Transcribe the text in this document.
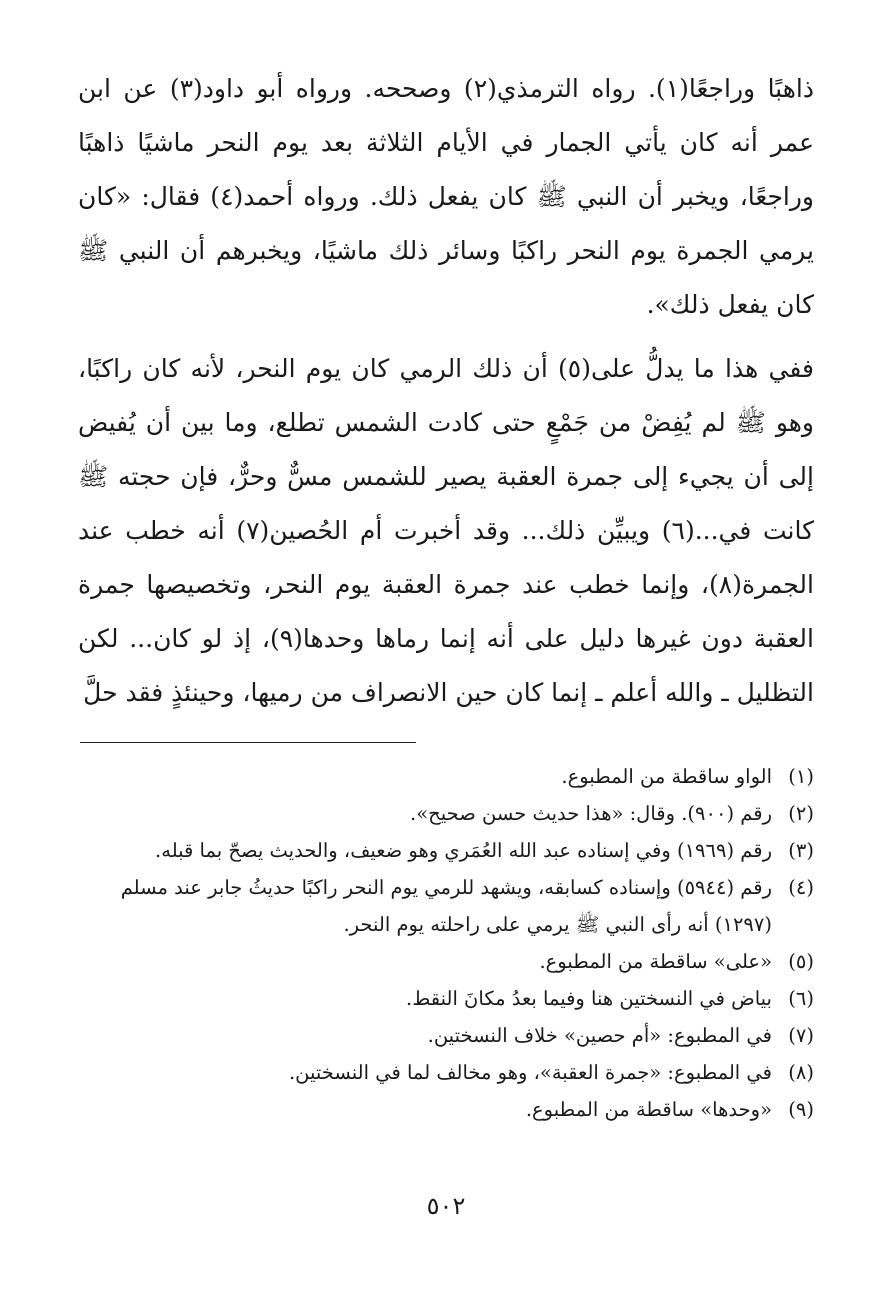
ذاهبًا وراجعًا(١). رواه الترمذي(٢) وصححه. ورواه أبو داود(٣) عن ابن عمر أنه كان يأتي الجمار في الأيام الثلاثة بعد يوم النحر ماشيًا ذاهبًا وراجعًا، ويخبر أن النبي ﷺ كان يفعل ذلك. ورواه أحمد(٤) فقال: «كان يرمي الجمرة يوم النحر راكبًا وسائر ذلك ماشيًا، ويخبرهم أن النبي ﷺ كان يفعل ذلك».

ففي هذا ما يدلُّ على(٥) أن ذلك الرمي كان يوم النحر، لأنه كان راكبًا، وهو ﷺ لم يُفِضْ من جَمْعٍ حتى كادت الشمس تطلع، وما بين أن يُفيض إلى أن يجيء إلى جمرة العقبة يصير للشمس مسٌّ وحرٌّ، فإن حجته ﷺ كانت في...(٦) ويبيِّن ذلك... وقد أخبرت أم الحُصين(٧) أنه خطب عند الجمرة(٨)، وإنما خطب عند جمرة العقبة يوم النحر، وتخصيصها جمرة العقبة دون غيرها دليل على أنه إنما رماها وحدها(٩)، إذ لو كان... لكن التظليل ـ والله أعلم ـ إنما كان حين الانصراف من رميها، وحينئذٍ فقد حلَّ

(١)
الواو ساقطة من المطبوع.
(٢)
رقم (٩٠٠). وقال: «هذا حديث حسن صحيح».
(٣)
رقم (١٩٦٩) وفي إسناده عبد الله العُمَري وهو ضعيف، والحديث يصحّ بما قبله.
(٤)
رقم (٥٩٤٤) وإسناده كسابقه، ويشهد للرمي يوم النحر راكبًا حديثُ جابر عند مسلم (١٢٩٧) أنه رأى النبي ﷺ يرمي على راحلته يوم النحر.
(٥)
«على» ساقطة من المطبوع.
(٦)
بياض في النسختين هنا وفيما بعدُ مكانَ النقط.
(٧)
في المطبوع: «أم حصين» خلاف النسختين.
(٨)
في المطبوع: «جمرة العقبة»، وهو مخالف لما في النسختين.
(٩)
«وحدها» ساقطة من المطبوع.
٥٠٢
